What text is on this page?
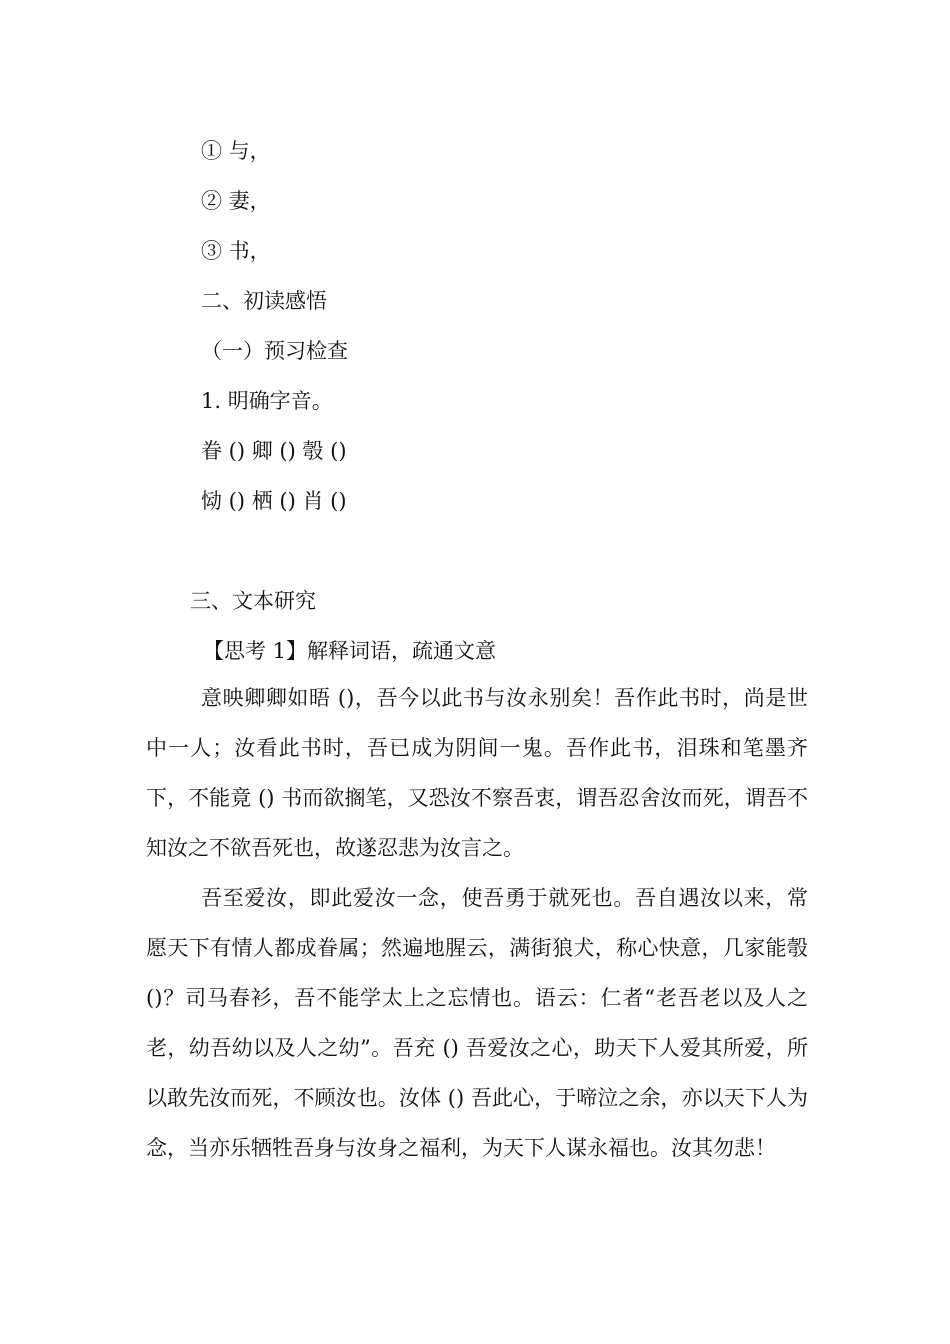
① 与，
② 妻，
③ 书，
二、初读感悟
（一）预习检查
1. 明确字音。
眷 () 卿 () 彀 ()
恸 () 栖 () 肖 ()
三、文本研究
【思考 1】解释词语，疏通文意
意映卿卿如晤 ()，吾今以此书与汝永别矣！吾作此书时，尚是世中一人；汝看此书时，吾已成为阴间一鬼。吾作此书，泪珠和笔墨齐下，不能竟 () 书而欲搁笔，又恐汝不察吾衷，谓吾忍舍汝而死，谓吾不知汝之不欲吾死也，故遂忍悲为汝言之。
吾至爱汝，即此爱汝一念，使吾勇于就死也。吾自遇汝以来，常愿天下有情人都成眷属；然遍地腥云，满街狼犬，称心快意，几家能彀 ()？司马春衫，吾不能学太上之忘情也。语云：仁者“老吾老以及人之老，幼吾幼以及人之幼”。吾充 () 吾爱汝之心，助天下人爱其所爱，所以敢先汝而死，不顾汝也。汝体 () 吾此心，于啼泣之余，亦以天下人为念，当亦乐牺牲吾身与汝身之福利，为天下人谋永福也。汝其勿悲！
